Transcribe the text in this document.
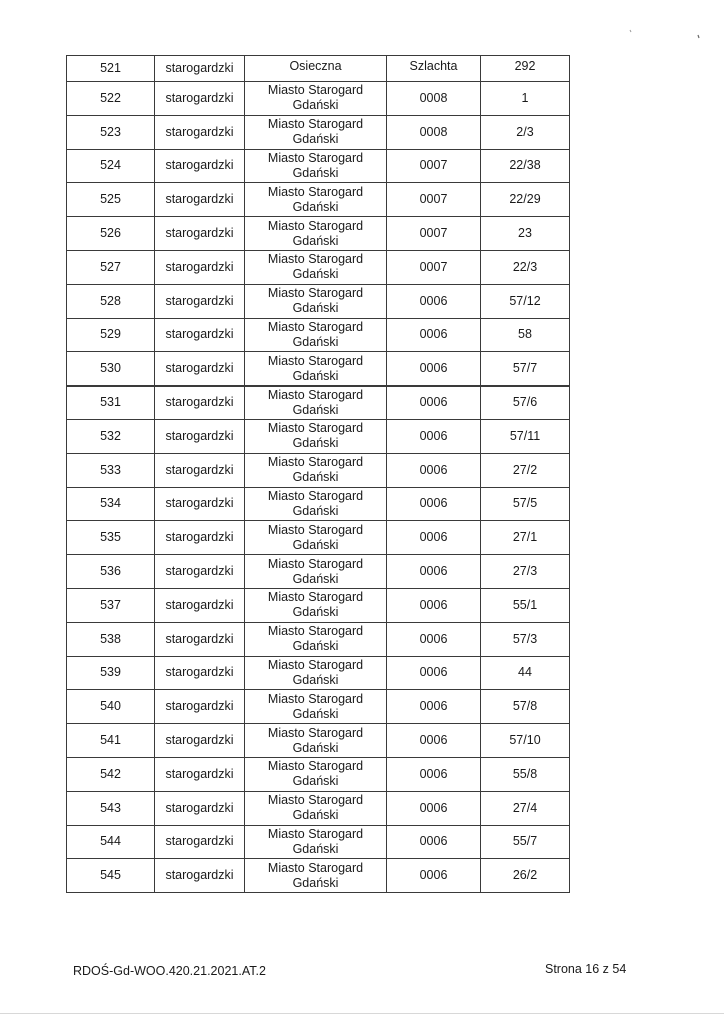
521	starogardzki	Osieczna	Szlachta	292
522	starogardzki	Miasto Starogard Gdański	0008	1
523	starogardzki	Miasto Starogard Gdański	0008	2/3
524	starogardzki	Miasto Starogard Gdański	0007	22/38
525	starogardzki	Miasto Starogard Gdański	0007	22/29
526	starogardzki	Miasto Starogard Gdański	0007	23
527	starogardzki	Miasto Starogard Gdański	0007	22/3
528	starogardzki	Miasto Starogard Gdański	0006	57/12
529	starogardzki	Miasto Starogard Gdański	0006	58
530	starogardzki	Miasto Starogard Gdański	0006	57/7
531	starogardzki	Miasto Starogard Gdański	0006	57/6
532	starogardzki	Miasto Starogard Gdański	0006	57/11
533	starogardzki	Miasto Starogard Gdański	0006	27/2
534	starogardzki	Miasto Starogard Gdański	0006	57/5
535	starogardzki	Miasto Starogard Gdański	0006	27/1
536	starogardzki	Miasto Starogard Gdański	0006	27/3
537	starogardzki	Miasto Starogard Gdański	0006	55/1
538	starogardzki	Miasto Starogard Gdański	0006	57/3
539	starogardzki	Miasto Starogard Gdański	0006	44
540	starogardzki	Miasto Starogard Gdański	0006	57/8
541	starogardzki	Miasto Starogard Gdański	0006	57/10
542	starogardzki	Miasto Starogard Gdański	0006	55/8
543	starogardzki	Miasto Starogard Gdański	0006	27/4
544	starogardzki	Miasto Starogard Gdański	0006	55/7
545	starogardzki	Miasto Starogard Gdański	0006	26/2
RDOŚ-Gd-WOO.420.21.2021.AT.2	Strona 16 z 54
